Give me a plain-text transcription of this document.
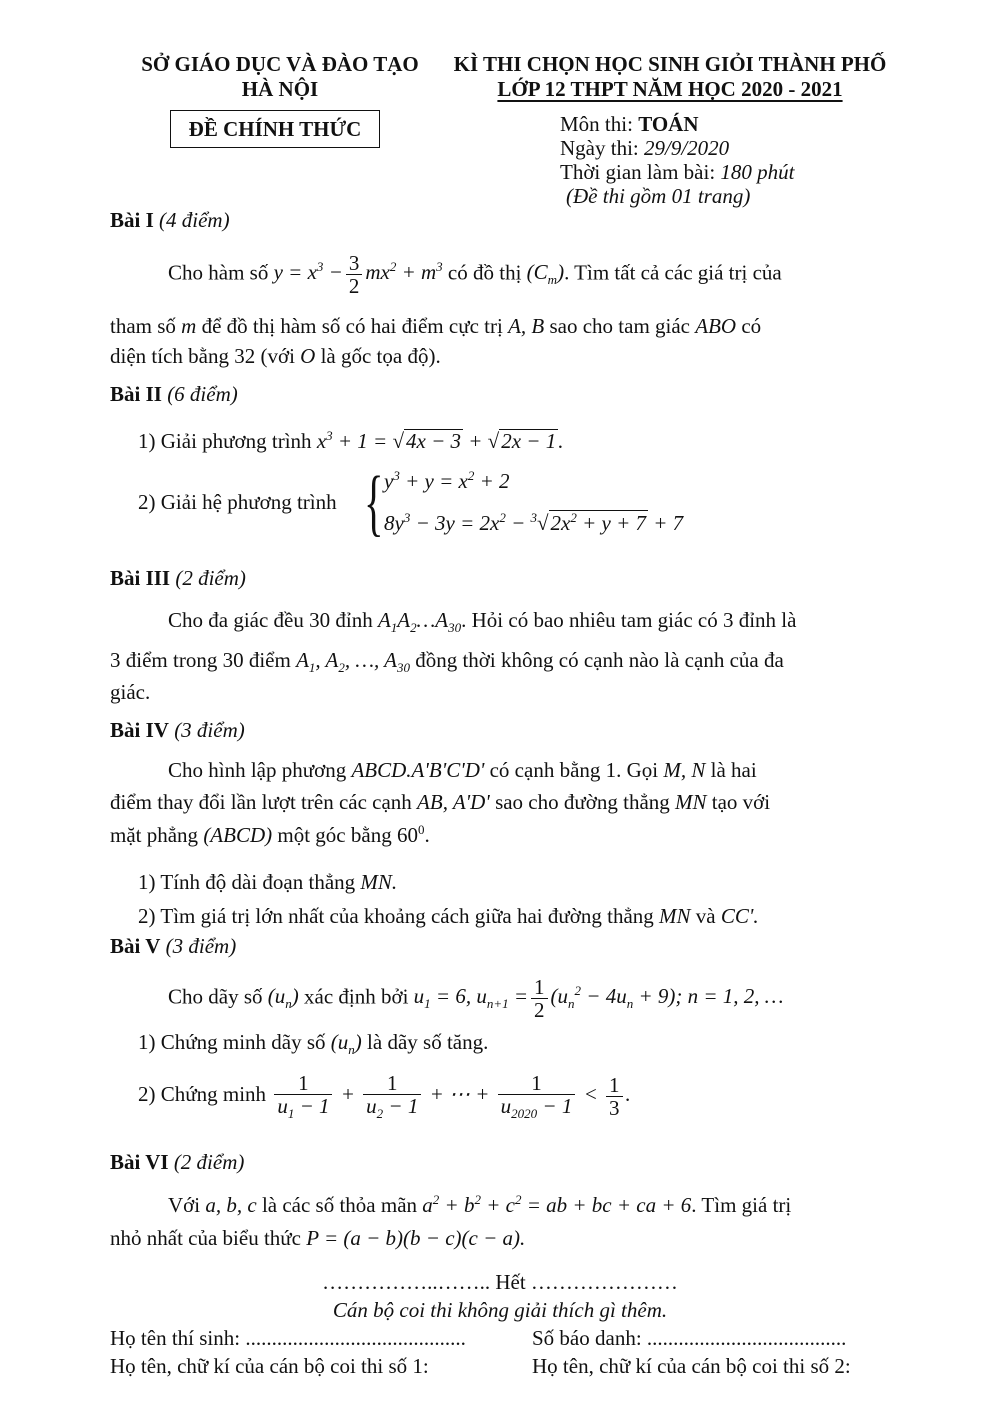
SỞ GIÁO DỤC VÀ ĐÀO TẠO
HÀ NỘI
ĐỀ CHÍNH THỨC
KÌ THI CHỌN HỌC SINH GIỎI THÀNH PHỐ
LỚP 12 THPT NĂM HỌC 2020 - 2021
Môn thi: TOÁN
Ngày thi: 29/9/2020
Thời gian làm bài: 180 phút
(Đề thi gồm 01 trang)
Bài I (4 điểm)
Cho hàm số $y = x^3 - \frac{3}{2} mx^2 + m^3$ có đồ thị $(C_m)$. Tìm tất cả các giá trị của
tham số m để đồ thị hàm số có hai điểm cực trị A, B sao cho tam giác ABO có
diện tích bằng 32 (với O là gốc tọa độ).
Bài II (6 điểm)
1) Giải phương trình $x^3 + 1 = √4x - 3 + √2x - 1$.
2) Giải hệ phương trình { $y^3 + y = x^2 + 2$
$8y^3 - 3y = 2x^2 - ^3√2x^2 + y + 7 + 7$
Bài III (2 điểm)
Cho đa giác đều 30 đỉnh $A_1A_2\dots A_{30}$. Hỏi có bao nhiêu tam giác có 3 đỉnh là
3 điểm trong 30 điểm $A_1$, $A_2$, …, $A_{30}$ đồng thời không có cạnh nào là cạnh của đa
giác.
Bài IV (3 điểm)
Cho hình lập phương ABCD.A'B'C'D' có cạnh bằng 1. Gọi M, N là hai
điểm thay đổi lần lượt trên các cạnh AB, A'D' sao cho đường thẳng MN tạo với
mặt phẳng (ABCD) một góc bằng $60^0$.
1) Tính độ dài đoạn thẳng MN.
2) Tìm giá trị lớn nhất của khoảng cách giữa hai đường thẳng MN và CC'.
Bài V (3 điểm)
Cho dãy số $(u_n)$ xác định bởi $u_1 = 6$, $u_{n+1} = \frac{1}{2} (u_n^2 - 4u_n + 9)$; n = 1, 2, …
1) Chứng minh dãy số $(u_n)$ là dãy số tăng.
2) Chứng minh $\frac{1}{u_1 - 1} + \frac{1}{u_2 - 1}$ + ⋯ + $\frac{1}{u_{2020} - 1} < \frac{1}{3}$ .
Bài VI (2 điểm)
Với a, b, c là các số thỏa mãn $a^2 + b^2 + c^2$ = ab + bc + ca + 6. Tìm giá trị
nhỏ nhất của biểu thức P = (a − b)(b − c)(c − a).
……………..…….. Hết …………………
Cán bộ coi thi không giải thích gì thêm.
Họ tên thí sinh: ..........................................	Số báo danh: ......................................
Họ tên, chữ kí của cán bộ coi thi số 1:	Họ tên, chữ kí của cán bộ coi thi số 2:
